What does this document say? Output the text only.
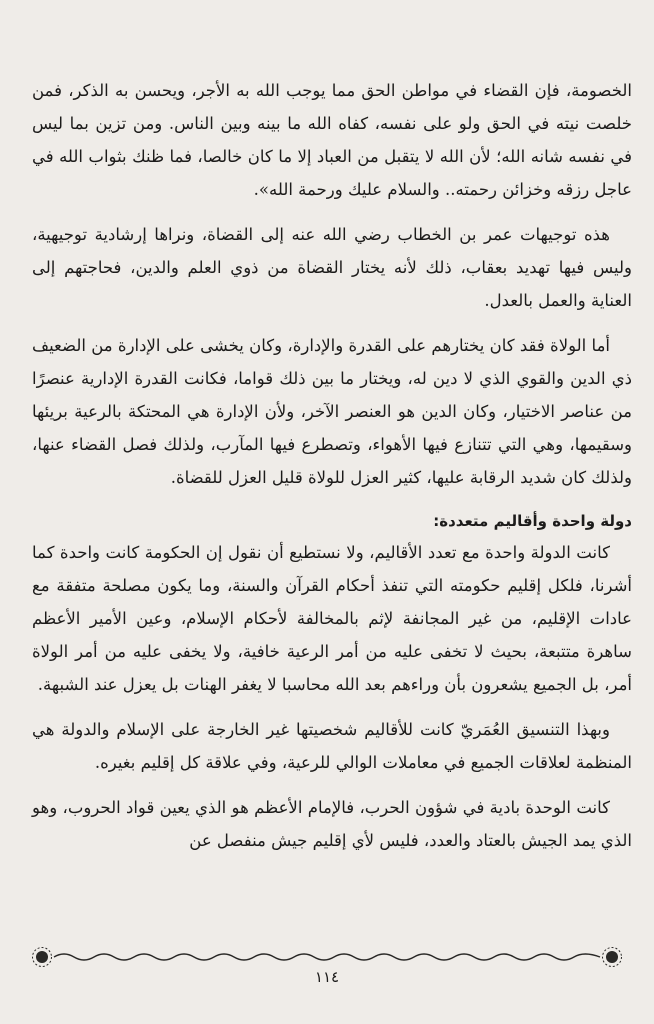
الخصومة، فإن القضاء في مواطن الحق مما يوجب الله به الأجر، ويحسن به الذكر، فمن خلصت نيته في الحق ولو على نفسه، كفاه الله ما بينه وبين الناس. ومن تزين بما ليس في نفسه شانه الله؛ لأن الله لا يتقبل من العباد إلا ما كان خالصا، فما ظنك بثواب الله في عاجل رزقه وخزائن رحمته.. والسلام عليك ورحمة الله».

هذه توجيهات عمر بن الخطاب رضي الله عنه إلى القضاة، ونراها إرشادية توجيهية، وليس فيها تهديد بعقاب، ذلك لأنه يختار القضاة من ذوي العلم والدين، فحاجتهم إلى العناية والعمل بالعدل.

أما الولاة فقد كان يختارهم على القدرة والإدارة، وكان يخشى على الإدارة من الضعيف ذي الدين والقوي الذي لا دين له، ويختار ما بين ذلك قواما، فكانت القدرة الإدارية عنصرًا من عناصر الاختيار، وكان الدين هو العنصر الآخر، ولأن الإدارة هي المحتكة بالرعية بريئها وسقيمها، وهي التي تتنازع فيها الأهواء، وتصطرع فيها المآرب، ولذلك فصل القضاء عنها، ولذلك كان شديد الرقابة عليها، كثير العزل للولاة قليل العزل للقضاة.

دولة واحدة وأقاليم متعددة:

كانت الدولة واحدة مع تعدد الأقاليم، ولا نستطيع أن نقول إن الحكومة كانت واحدة كما أشرنا، فلكل إقليم حكومته التي تنفذ أحكام القرآن والسنة، وما يكون مصلحة متفقة مع عادات الإقليم، من غير المجانفة لإثم بالمخالفة لأحكام الإسلام، وعين الأمير الأعظم ساهرة متتبعة، بحيث لا تخفى عليه من أمر الرعية خافية، ولا يخفى عليه من أمر الولاة أمر، بل الجميع يشعرون بأن وراءهم بعد الله محاسبا لا يغفر الهنات بل يعزل عند الشبهة.

وبهذا التنسيق العُمَريّ كانت للأقاليم شخصيتها غير الخارجة على الإسلام والدولة هي المنظمة لعلاقات الجميع في معاملات الوالي للرعية، وفي علاقة كل إقليم بغيره.

كانت الوحدة بادية في شؤون الحرب، فالإمام الأعظم هو الذي يعين قواد الحروب، وهو الذي يمد الجيش بالعتاد والعدد، فليس لأي إقليم جيش منفصل عن

١١٤
